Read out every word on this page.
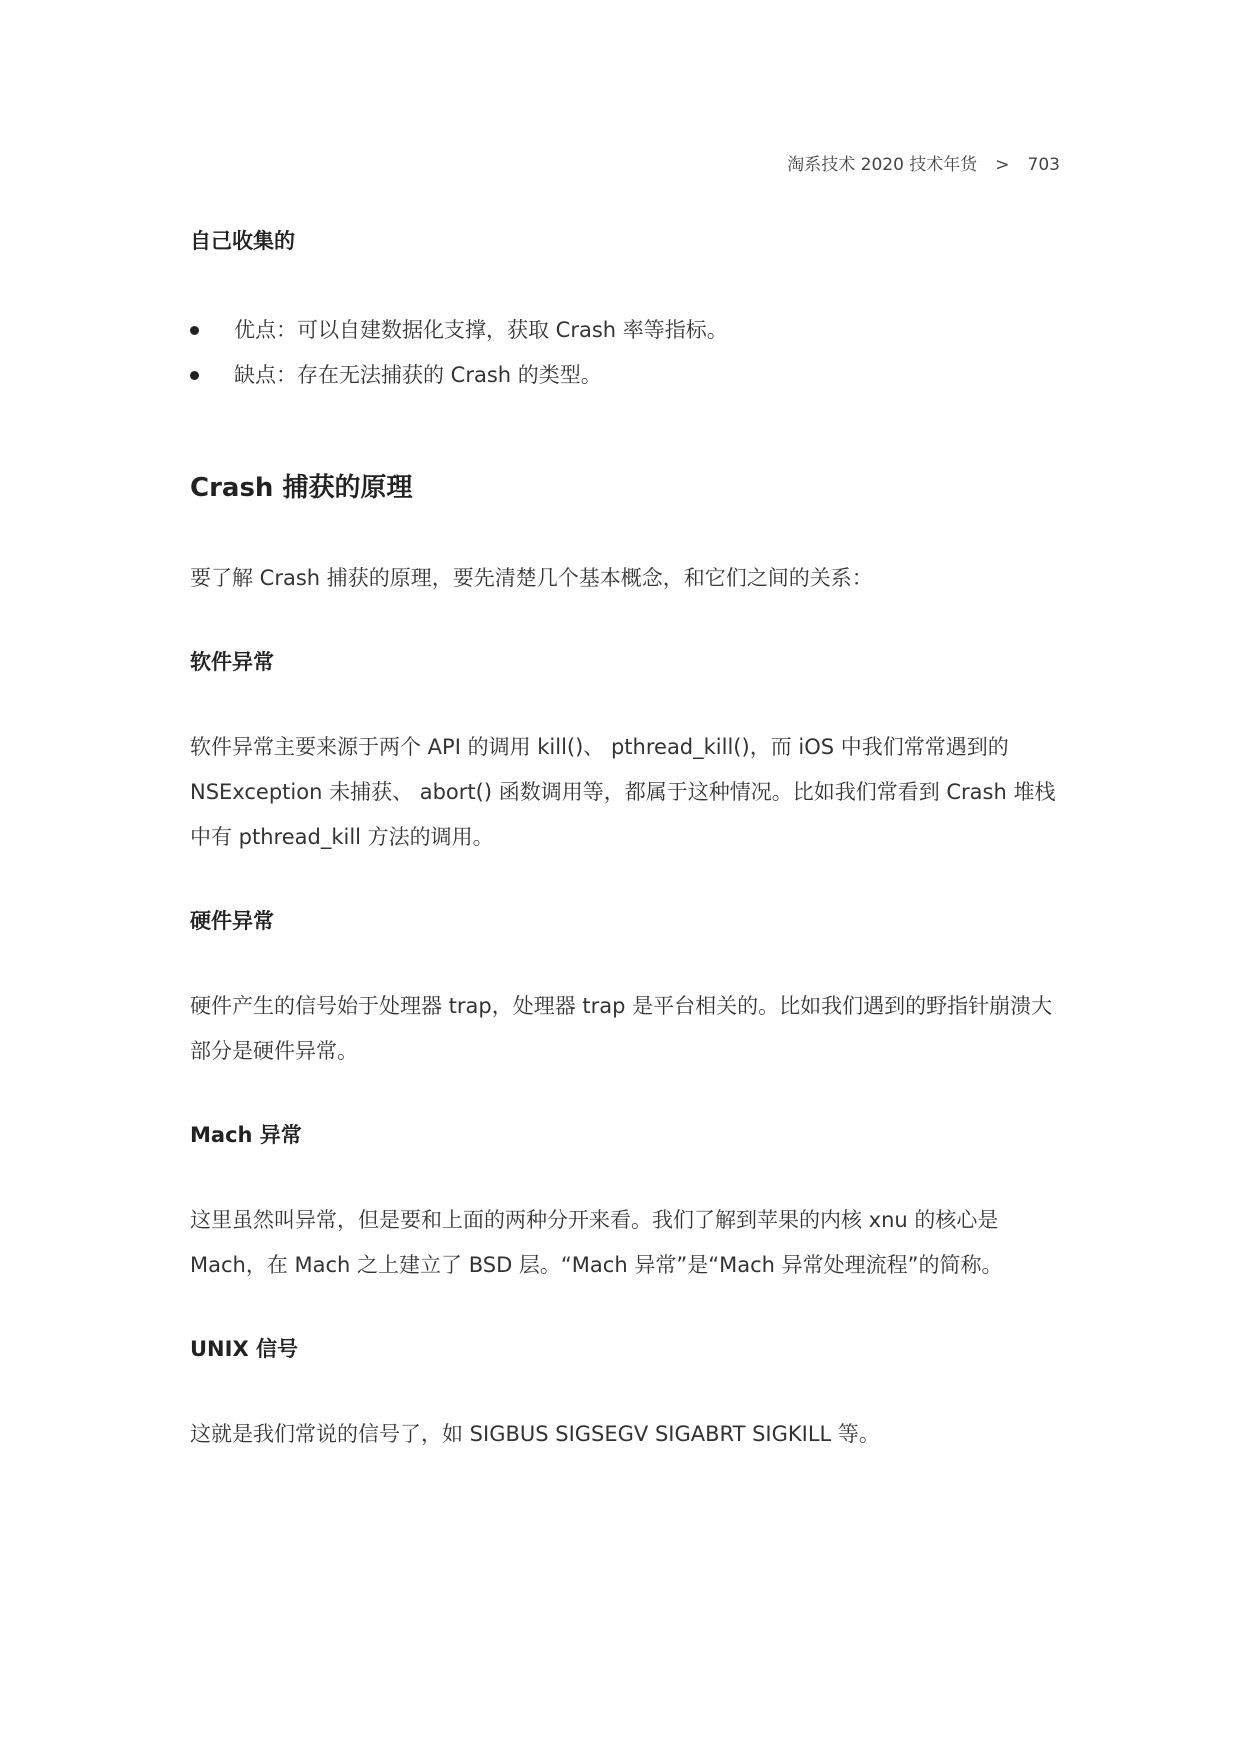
淘系技术 2020 技术年货 > 703

自己收集的

优点：可以自建数据化支撑，获取 Crash 率等指标。
缺点：存在无法捕获的 Crash 的类型。
Crash 捕获的原理

要了解 Crash 捕获的原理，要先清楚几个基本概念，和它们之间的关系：

软件异常

软件异常主要来源于两个 API 的调用 kill()、 pthread_kill()，而 iOS 中我们常常遇到的 NSException 未捕获、 abort() 函数调用等，都属于这种情况。比如我们常看到 Crash 堆栈中有 pthread_kill 方法的调用。

硬件异常

硬件产生的信号始于处理器 trap，处理器 trap 是平台相关的。比如我们遇到的野指针崩溃大部分是硬件异常。

Mach 异常

这里虽然叫异常，但是要和上面的两种分开来看。我们了解到苹果的内核 xnu 的核心是 Mach，在 Mach 之上建立了 BSD 层。“Mach 异常”是“Mach 异常处理流程”的简称。

UNIX 信号

这就是我们常说的信号了，如 SIGBUS SIGSEGV SIGABRT SIGKILL 等。
